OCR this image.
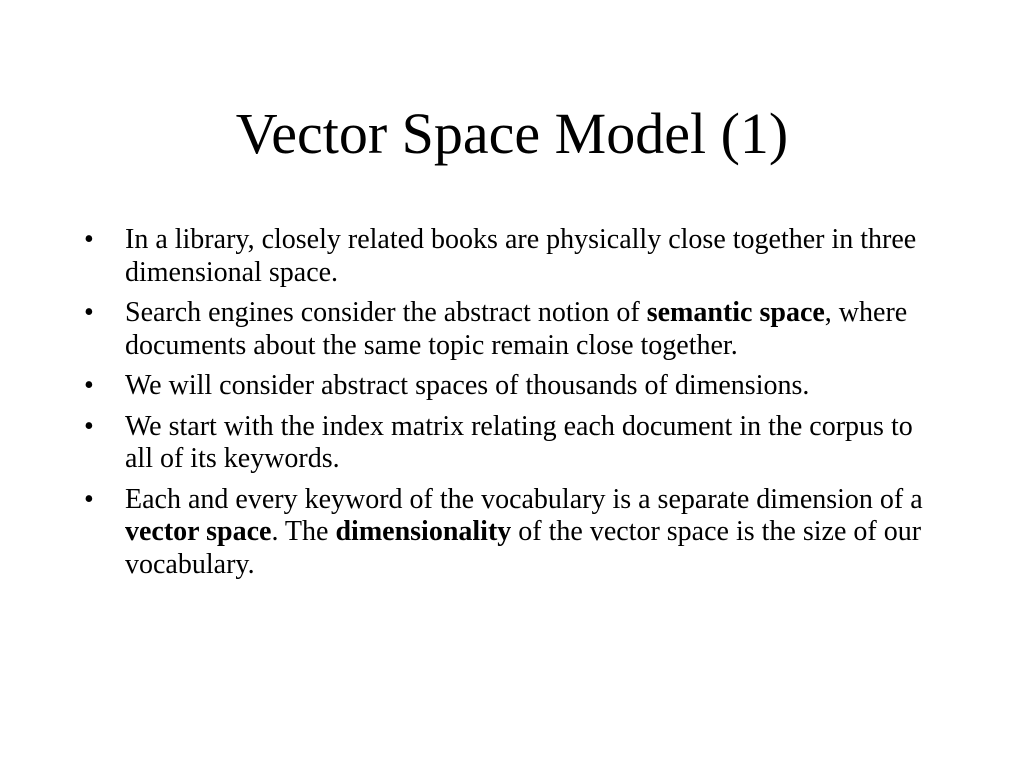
Vector Space Model (1)
•	In a library, closely related books are physically close together in three dimensional space.
•	Search engines consider the abstract notion of semantic space, where documents about the same topic remain close together.
•	We will consider abstract spaces of thousands of dimensions.
•	We start with the index matrix relating each document in the corpus to all of its keywords.
•	Each and every keyword of the vocabulary is a separate dimension of a vector space. The dimensionality of the vector space is the size of our vocabulary.
